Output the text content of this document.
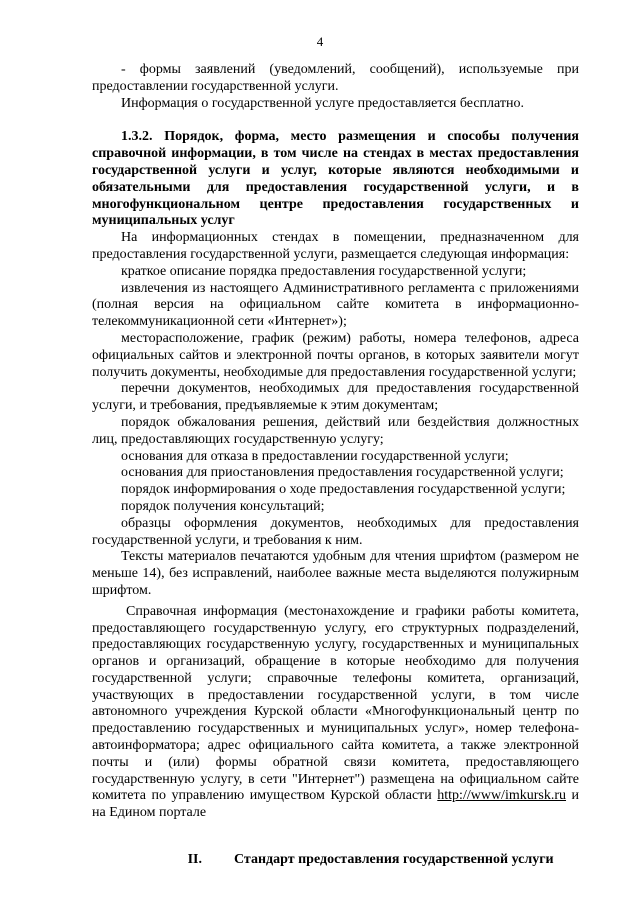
4

- формы заявлений (уведомлений, сообщений), используемые при предоставлении государственной услуги.

Информация о государственной услуге предоставляется бесплатно.

1.3.2. Порядок, форма, место размещения и способы получения справочной информации, в том числе на стендах в местах предоставления государственной услуги и услуг, которые являются необходимыми и обязательными для предоставления государственной услуги, и в многофункциональном центре предоставления государственных и муниципальных услуг

На информационных стендах в помещении, предназначенном для предоставления государственной услуги, размещается следующая информация:

краткое описание порядка предоставления государственной услуги;

извлечения из настоящего Административного регламента с приложениями (полная версия на официальном сайте комитета в информационно-телекоммуникационной сети «Интернет»);

месторасположение, график (режим) работы, номера телефонов, адреса официальных сайтов и электронной почты органов, в которых заявители могут получить документы, необходимые для предоставления государственной услуги;

перечни документов, необходимых для предоставления государственной услуги, и требования, предъявляемые к этим документам;

порядок обжалования решения, действий или бездействия должностных лиц, предоставляющих государственную услугу;

основания для отказа в предоставлении государственной услуги;

основания для приостановления предоставления государственной услуги;

порядок информирования о ходе предоставления государственной услуги;

порядок получения консультаций;

образцы оформления документов, необходимых для предоставления государственной услуги, и требования к ним.

Тексты материалов печатаются удобным для чтения шрифтом (размером не меньше 14), без исправлений, наиболее важные места выделяются полужирным шрифтом.

Справочная информация (местонахождение и графики работы комитета, предоставляющего государственную услугу, его структурных подразделений, предоставляющих государственную услугу, государственных и муниципальных органов и организаций, обращение в которые необходимо для получения государственной услуги; справочные телефоны комитета, организаций, участвующих в предоставлении государственной услуги, в том числе автономного учреждения Курской области «Многофункциональный центр по предоставлению государственных и муниципальных услуг», номер телефона-автоинформатора; адрес официального сайта комитета, а также электронной почты и (или) формы обратной связи комитета, предоставляющего государственную услугу, в сети "Интернет") размещена на официальном сайте комитета по управлению имуществом Курской области http://www/imkursk.ru и на Едином портале

II. Стандарт предоставления государственной услуги
